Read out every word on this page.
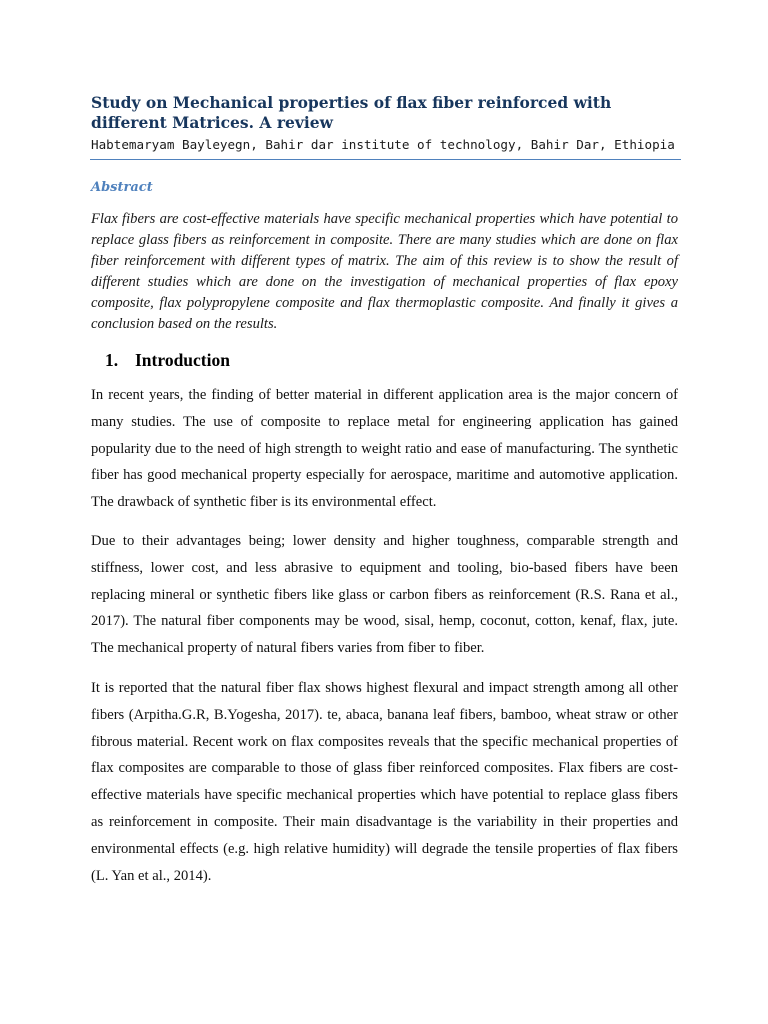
Study on Mechanical properties of flax fiber reinforced with different Matrices. A review

Habtemaryam Bayleyegn, Bahir dar institute of technology, Bahir Dar, Ethiopia

Abstract

Flax fibers are cost-effective materials have specific mechanical properties which have potential to replace glass fibers as reinforcement in composite. There are many studies which are done on flax fiber reinforcement with different types of matrix. The aim of this review is to show the result of different studies which are done on the investigation of mechanical properties of flax epoxy composite, flax polypropylene composite and flax thermoplastic composite. And finally it gives a conclusion based on the results.

1. Introduction

In recent years, the finding of better material in different application area is the major concern of many studies. The use of composite to replace metal for engineering application has gained popularity due to the need of high strength to weight ratio and ease of manufacturing. The synthetic fiber has good mechanical property especially for aerospace, maritime and automotive application. The drawback of synthetic fiber is its environmental effect.

Due to their advantages being; lower density and higher toughness, comparable strength and stiffness, lower cost, and less abrasive to equipment and tooling, bio-based fibers have been replacing mineral or synthetic fibers like glass or carbon fibers as reinforcement (R.S. Rana et al., 2017). The natural fiber components may be wood, sisal, hemp, coconut, cotton, kenaf, flax, jute. The mechanical property of natural fibers varies from fiber to fiber.

It is reported that the natural fiber flax shows highest flexural and impact strength among all other fibers (Arpitha.G.R, B.Yogesha, 2017). te, abaca, banana leaf fibers, bamboo, wheat straw or other fibrous material. Recent work on flax composites reveals that the specific mechanical properties of flax composites are comparable to those of glass fiber reinforced composites. Flax fibers are cost-effective materials have specific mechanical properties which have potential to replace glass fibers as reinforcement in composite. Their main disadvantage is the variability in their properties and environmental effects (e.g. high relative humidity) will degrade the tensile properties of flax fibers (L. Yan et al., 2014).
